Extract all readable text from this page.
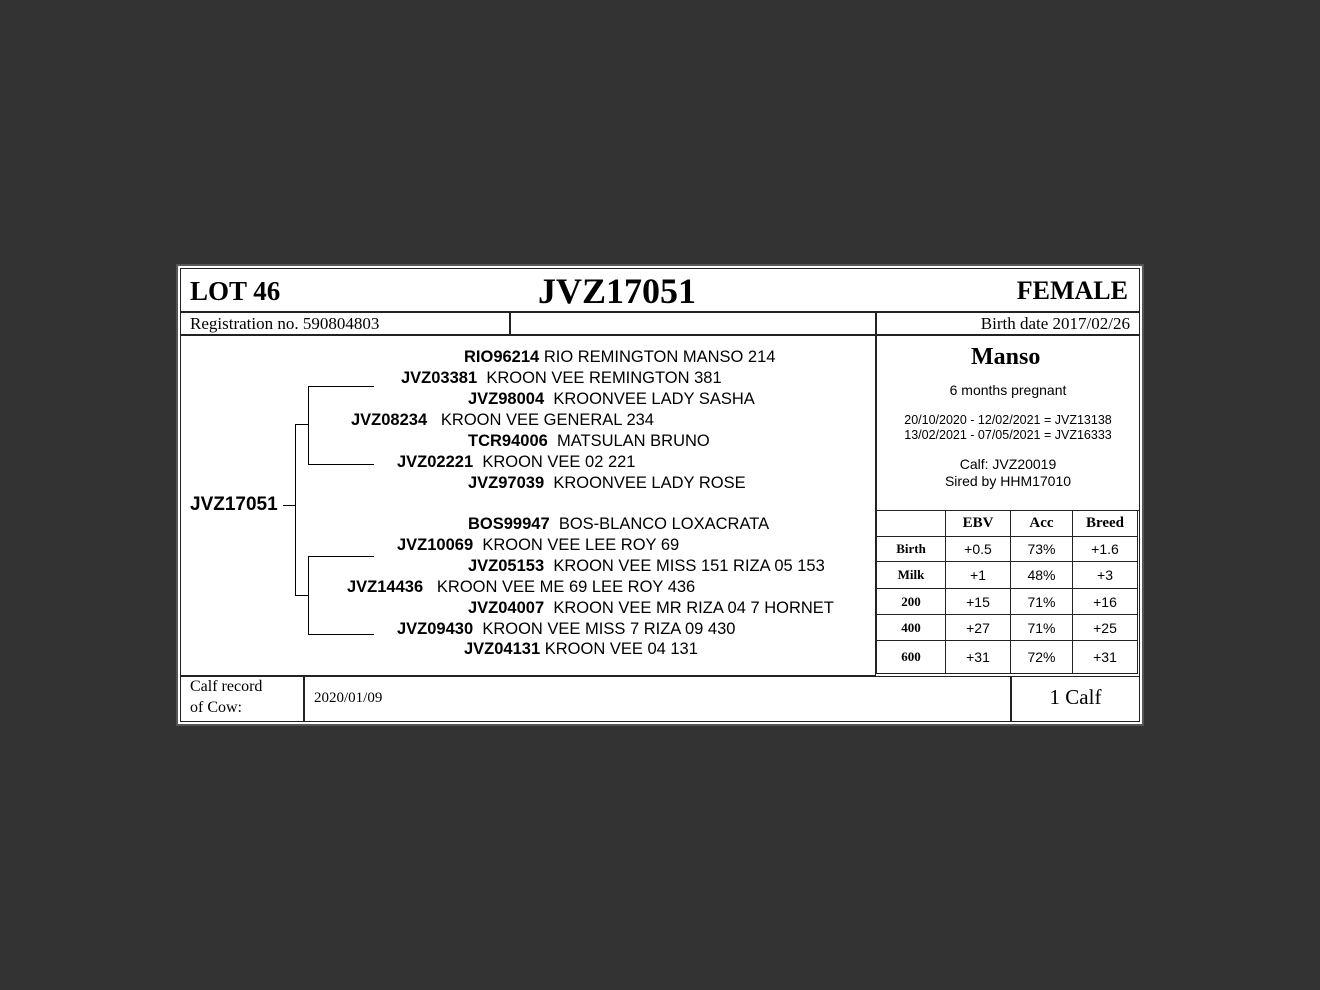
LOT 46	JVZ17051	FEMALE
Registration no. 590804803	Birth date 2017/02/26
JVZ17051
RIO96214 RIO REMINGTON MANSO 214
JVZ03381 KROON VEE REMINGTON 381
JVZ98004 KROONVEE LADY SASHA
JVZ08234 KROON VEE GENERAL 234
TCR94006 MATSULAN BRUNO
JVZ02221 KROON VEE 02 221
JVZ97039 KROONVEE LADY ROSE
BOS99947 BOS-BLANCO LOXACRATA
JVZ10069 KROON VEE LEE ROY 69
JVZ05153 KROON VEE MISS 151 RIZA 05 153
JVZ14436 KROON VEE ME 69 LEE ROY 436
JVZ04007 KROON VEE MR RIZA 04 7 HORNET
JVZ09430 KROON VEE MISS 7 RIZA 09 430
JVZ04131 KROON VEE 04 131
Manso
6 months pregnant
20/10/2020 - 12/02/2021 = JVZ13138
13/02/2021 - 07/05/2021 = JVZ16333
Calf: JVZ20019
Sired by HHM17010
	EBV	Acc	Breed
Birth	+0.5	73%	+1.6
Milk	+1	48%	+3
200	+15	71%	+16
400	+27	71%	+25
600	+31	72%	+31
Calf record
of Cow:
2020/01/09	1 Calf
